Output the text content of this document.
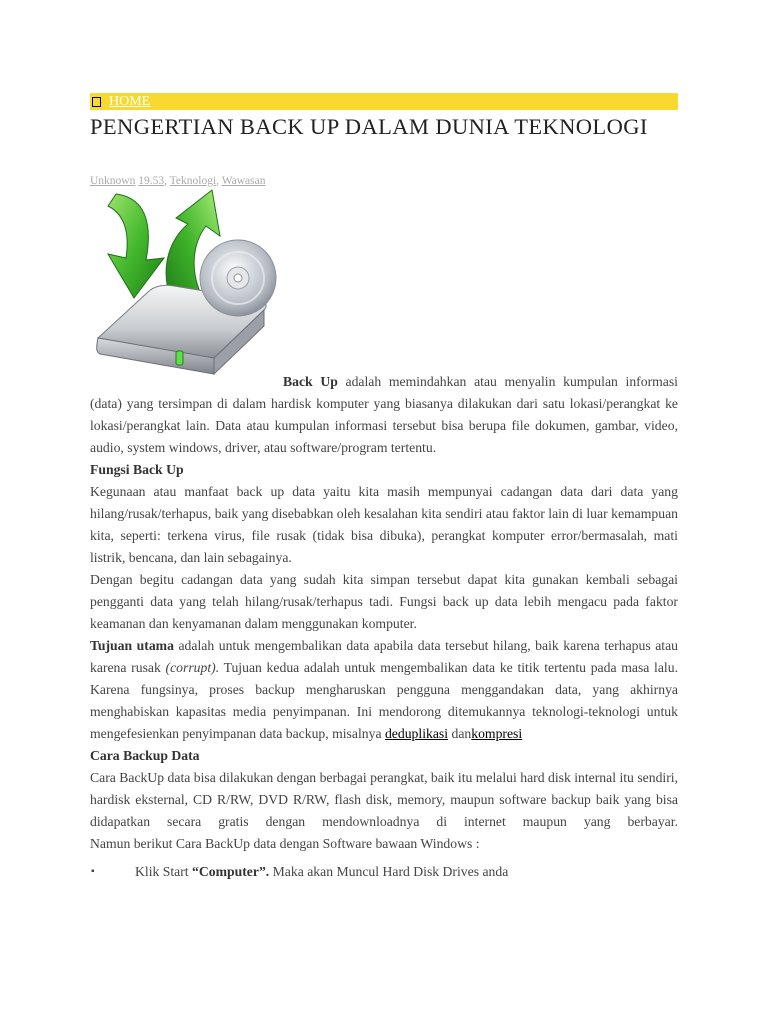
HOME
PENGERTIAN BACK UP DALAM DUNIA TEKNOLOGI
Unknown 19.53, Teknologi, Wawasan

Back Up adalah memindahkan atau menyalin kumpulan informasi (data) yang tersimpan di dalam hardisk komputer yang biasanya dilakukan dari satu lokasi/perangkat ke lokasi/perangkat lain. Data atau kumpulan informasi tersebut bisa berupa file dokumen, gambar, video, audio, system windows, driver, atau software/program tertentu.

Fungsi Back Up

Kegunaan atau manfaat back up data yaitu kita masih mempunyai cadangan data dari data yang hilang/rusak/terhapus, baik yang disebabkan oleh kesalahan kita sendiri atau faktor lain di luar kemampuan kita, seperti: terkena virus, file rusak (tidak bisa dibuka), perangkat komputer error/bermasalah, mati listrik, bencana, dan lain sebagainya.

Dengan begitu cadangan data yang sudah kita simpan tersebut dapat kita gunakan kembali sebagai pengganti data yang telah hilang/rusak/terhapus tadi. Fungsi back up data lebih mengacu pada faktor keamanan dan kenyamanan dalam menggunakan komputer.

Tujuan utama adalah untuk mengembalikan data apabila data tersebut hilang, baik karena terhapus atau karena rusak (corrupt). Tujuan kedua adalah untuk mengembalikan data ke titik tertentu pada masa lalu. Karena fungsinya, proses backup mengharuskan pengguna menggandakan data, yang akhirnya menghabiskan kapasitas media penyimpanan. Ini mendorong ditemukannya teknologi-teknologi untuk mengefesienkan penyimpanan data backup, misalnya deduplikasi dankompresi

Cara Backup Data

Cara BackUp data bisa dilakukan dengan berbagai perangkat, baik itu melalui hard disk internal itu sendiri, hardisk eksternal, CD R/RW, DVD R/RW, flash disk, memory, maupun software backup baik yang bisa didapatkan secara gratis dengan mendownloadnya di internet maupun yang berbayar.

Namun berikut Cara BackUp data dengan Software bawaan Windows :

▪	Klik Start “Computer”. Maka akan Muncul Hard Disk Drives anda
